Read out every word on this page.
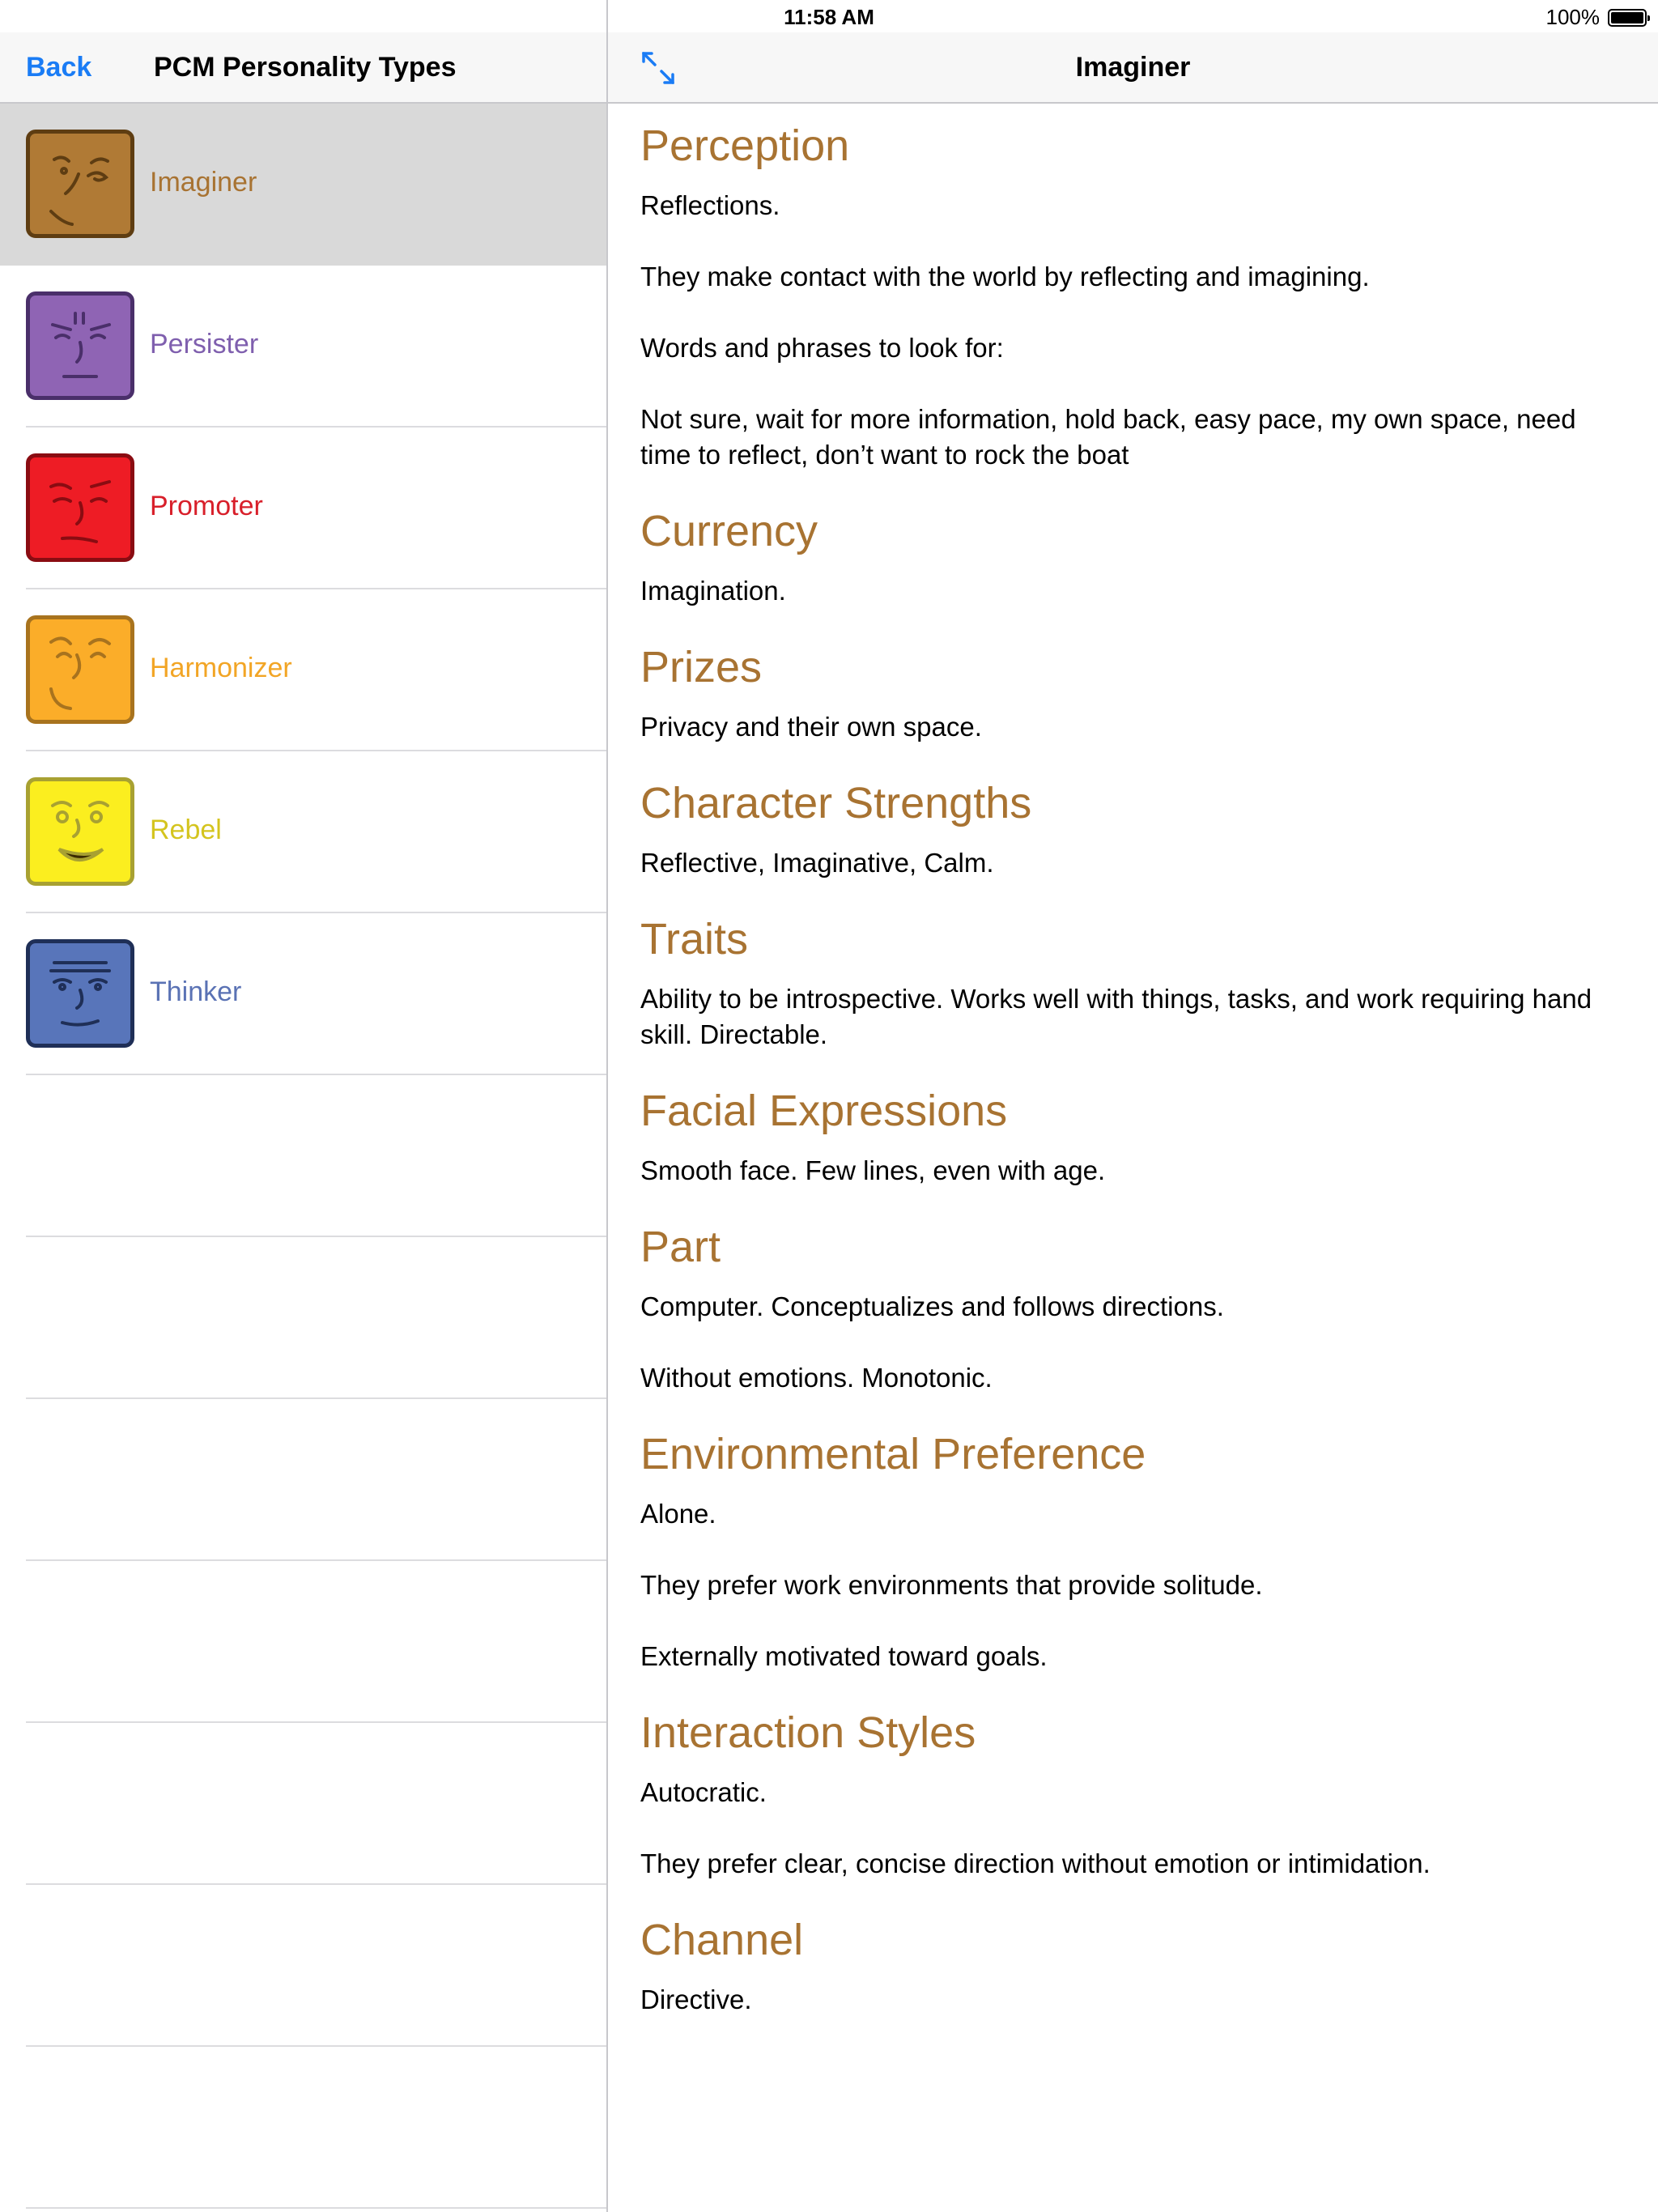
11:58 AM	100%
Back PCM Personality Types
Imaginer
Persister
Promoter
Harmonizer
Rebel
Thinker
Imaginer
Perception

Reflections.

They make contact with the world by reflecting and imagining.

Words and phrases to look for:

Not sure, wait for more information, hold back, easy pace, my own space, need time to reflect, don’t want to rock the boat

Currency

Imagination.

Prizes

Privacy and their own space.

Character Strengths

Reflective, Imaginative, Calm.

Traits

Ability to be introspective. Works well with things, tasks, and work requiring hand skill. Directable.

Facial Expressions

Smooth face. Few lines, even with age.

Part

Computer. Conceptualizes and follows directions.

Without emotions. Monotonic.

Environmental Preference

Alone.

They prefer work environments that provide solitude.

Externally motivated toward goals.

Interaction Styles

Autocratic.

They prefer clear, concise direction without emotion or intimidation.

Channel

Directive.
